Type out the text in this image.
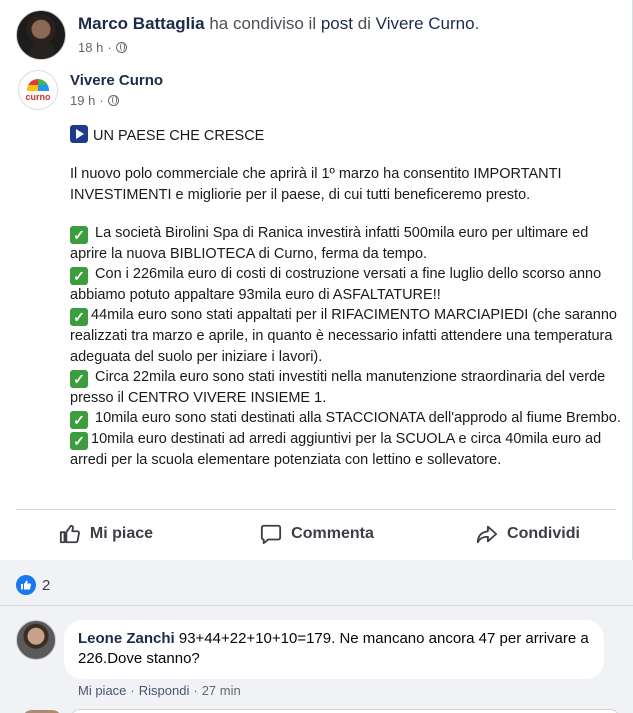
Marco Battaglia ha condiviso il post di Vivere Curno.
18 h ·
curno
Vivere Curno
19 h ·

UN PAESE CHE CRESCE

Il nuovo polo commerciale che aprirà il 1º marzo ha consentito IMPORTANTI INVESTIMENTI e migliorie per il paese, di cui tutti beneficeremo presto.

✓ La società Birolini Spa di Ranica investirà infatti 500mila euro per ultimare ed aprire la nuova BIBLIOTECA di Curno, ferma da tempo.

✓ Con i 226mila euro di costi di costruzione versati a fine luglio dello scorso anno abbiamo potuto appaltare 93mila euro di ASFALTATURE!!

✓ 44mila euro sono stati appaltati per il RIFACIMENTO MARCIAPIEDI (che saranno realizzati tra marzo e aprile, in quanto è necessario infatti attendere una temperatura adeguata del suolo per iniziare i lavori).

✓ Circa 22mila euro sono stati investiti nella manutenzione straordinaria del verde presso il CENTRO VIVERE INSIEME 1.

✓ 10mila euro sono stati destinati alla STACCIONATA dell'approdo al fiume Brembo.

✓ 10mila euro destinati ad arredi aggiuntivi per la SCUOLA e circa 40mila euro ad arredi per la scuola elementare potenziata con lettino e sollevatore.

Mi piace	Commenta	Condividi
2
Leone Zanchi 93+44+22+10+10=179. Ne mancano ancora 47 per arrivare a 226.Dove stanno?
Mi piace · Rispondi · 27 min
